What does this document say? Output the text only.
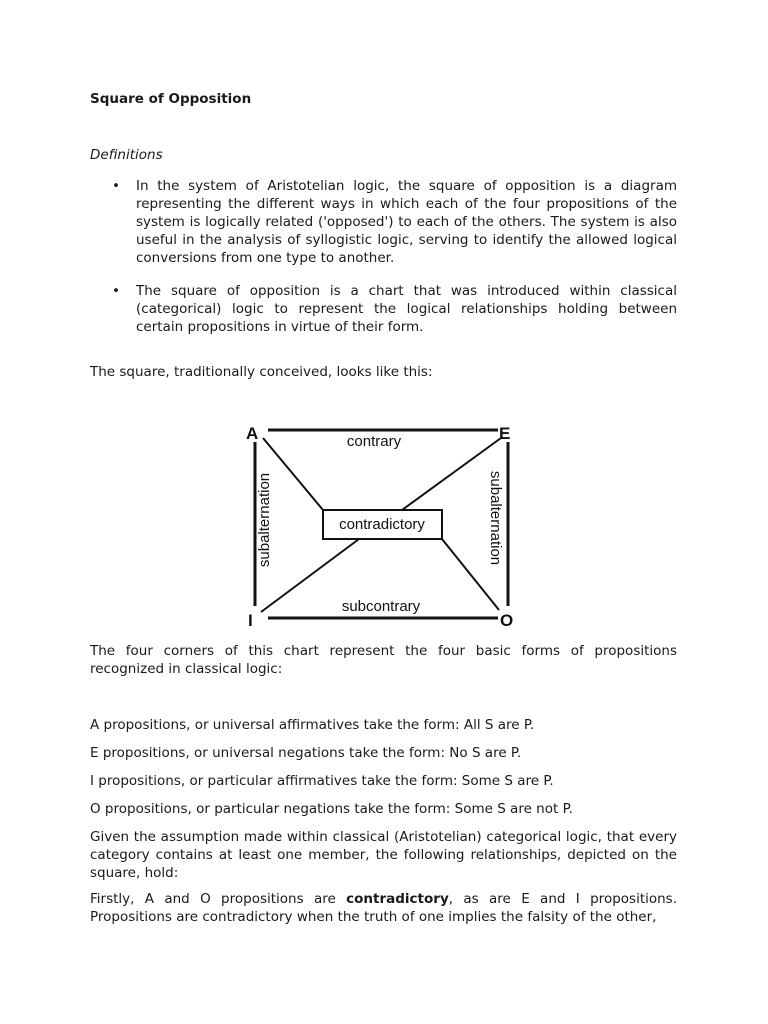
Square of Opposition
Definitions
• In the system of Aristotelian logic, the square of opposition is a diagram representing the different ways in which each of the four propositions of the system is logically related ('opposed') to each of the others. The system is also useful in the analysis of syllogistic logic, serving to identify the allowed logical conversions from one type to another.
• The square of opposition is a chart that was introduced within classical (categorical) logic to represent the logical relationships holding between certain propositions in virtue of their form.
The square, traditionally conceived, looks like this:
The four corners of this chart represent the four basic forms of propositions recognized in classical logic:
A propositions, or universal affirmatives take the form: All S are P.
E propositions, or universal negations take the form: No S are P.
I propositions, or particular affirmatives take the form: Some S are P.
O propositions, or particular negations take the form: Some S are not P.
Given the assumption made within classical (Aristotelian) categorical logic, that every category contains at least one member, the following relationships, depicted on the square, hold:
Firstly, A and O propositions are contradictory, as are E and I propositions. Propositions are contradictory when the truth of one implies the falsity of the other,
A	E
I	O
contrary
subcontrary
contradictory
subalternation	subalternation
